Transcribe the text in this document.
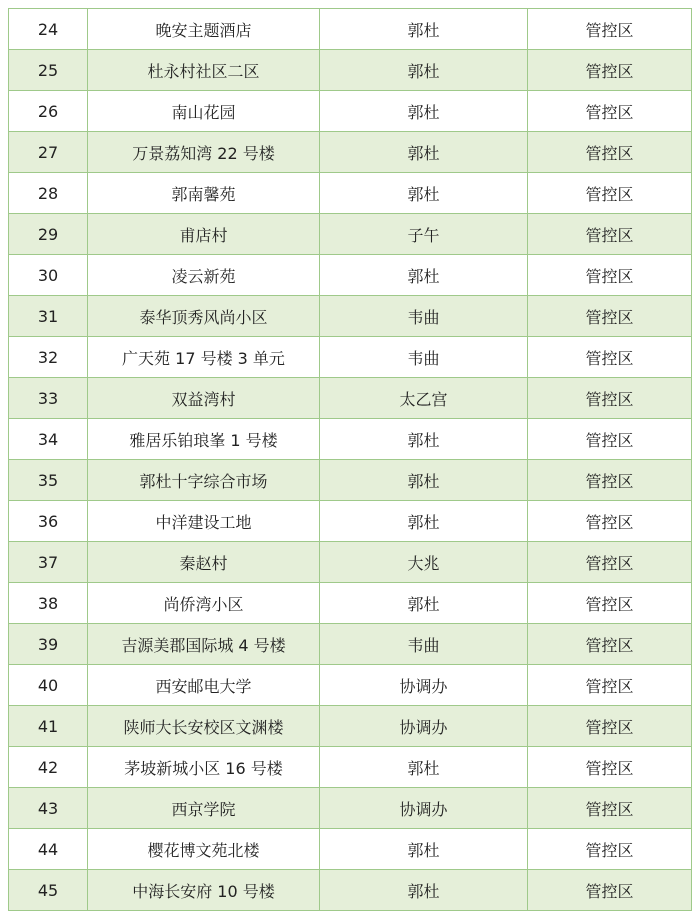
24	晚安主题酒店	郭杜	管控区
25	杜永村社区二区	郭杜	管控区
26	南山花园	郭杜	管控区
27	万景荔知湾 22 号楼	郭杜	管控区
28	郭南馨苑	郭杜	管控区
29	甫店村	子午	管控区
30	凌云新苑	郭杜	管控区
31	泰华顶秀风尚小区	韦曲	管控区
32	广天苑 17 号楼 3 单元	韦曲	管控区
33	双益湾村	太乙宫	管控区
34	雅居乐铂琅峯 1 号楼	郭杜	管控区
35	郭杜十字综合市场	郭杜	管控区
36	中洋建设工地	郭杜	管控区
37	秦赵村	大兆	管控区
38	尚侨湾小区	郭杜	管控区
39	吉源美郡国际城 4 号楼	韦曲	管控区
40	西安邮电大学	协调办	管控区
41	陕师大长安校区文渊楼	协调办	管控区
42	茅坡新城小区 16 号楼	郭杜	管控区
43	西京学院	协调办	管控区
44	樱花博文苑北楼	郭杜	管控区
45	中海长安府 10 号楼	郭杜	管控区
